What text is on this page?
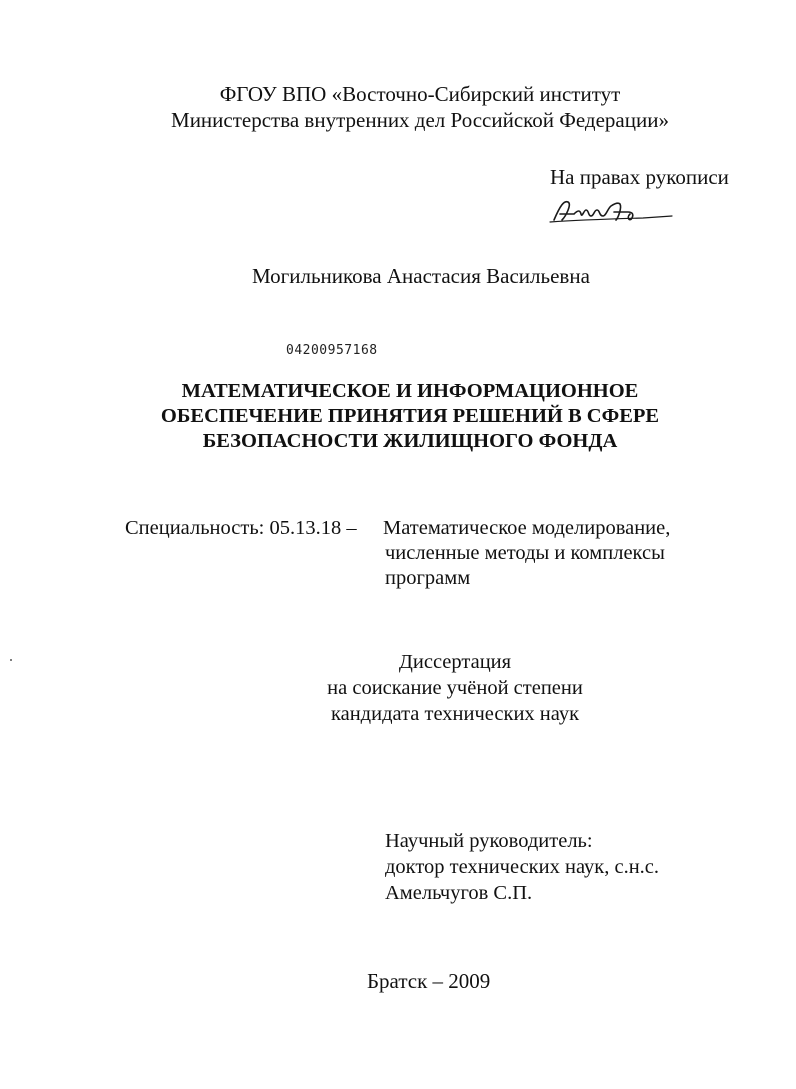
ФГОУ ВПО «Восточно-Сибирский институт
Министерства внутренних дел Российской Федерации»
На правах рукописи
Могильникова Анастасия Васильевна
04200957168
МАТЕМАТИЧЕСКОЕ И ИНФОРМАЦИОННОЕ
ОБЕСПЕЧЕНИЕ ПРИНЯТИЯ РЕШЕНИЙ В СФЕРЕ
БЕЗОПАСНОСТИ ЖИЛИЩНОГО ФОНДА
Специальность: 05.13.18 – Математическое моделирование,
численные методы и комплексы
программ
Диссертация
на соискание учёной степени
кандидата технических наук
Научный руководитель:
доктор технических наук, с.н.с.
Амельчугов С.П.
Братск – 2009
